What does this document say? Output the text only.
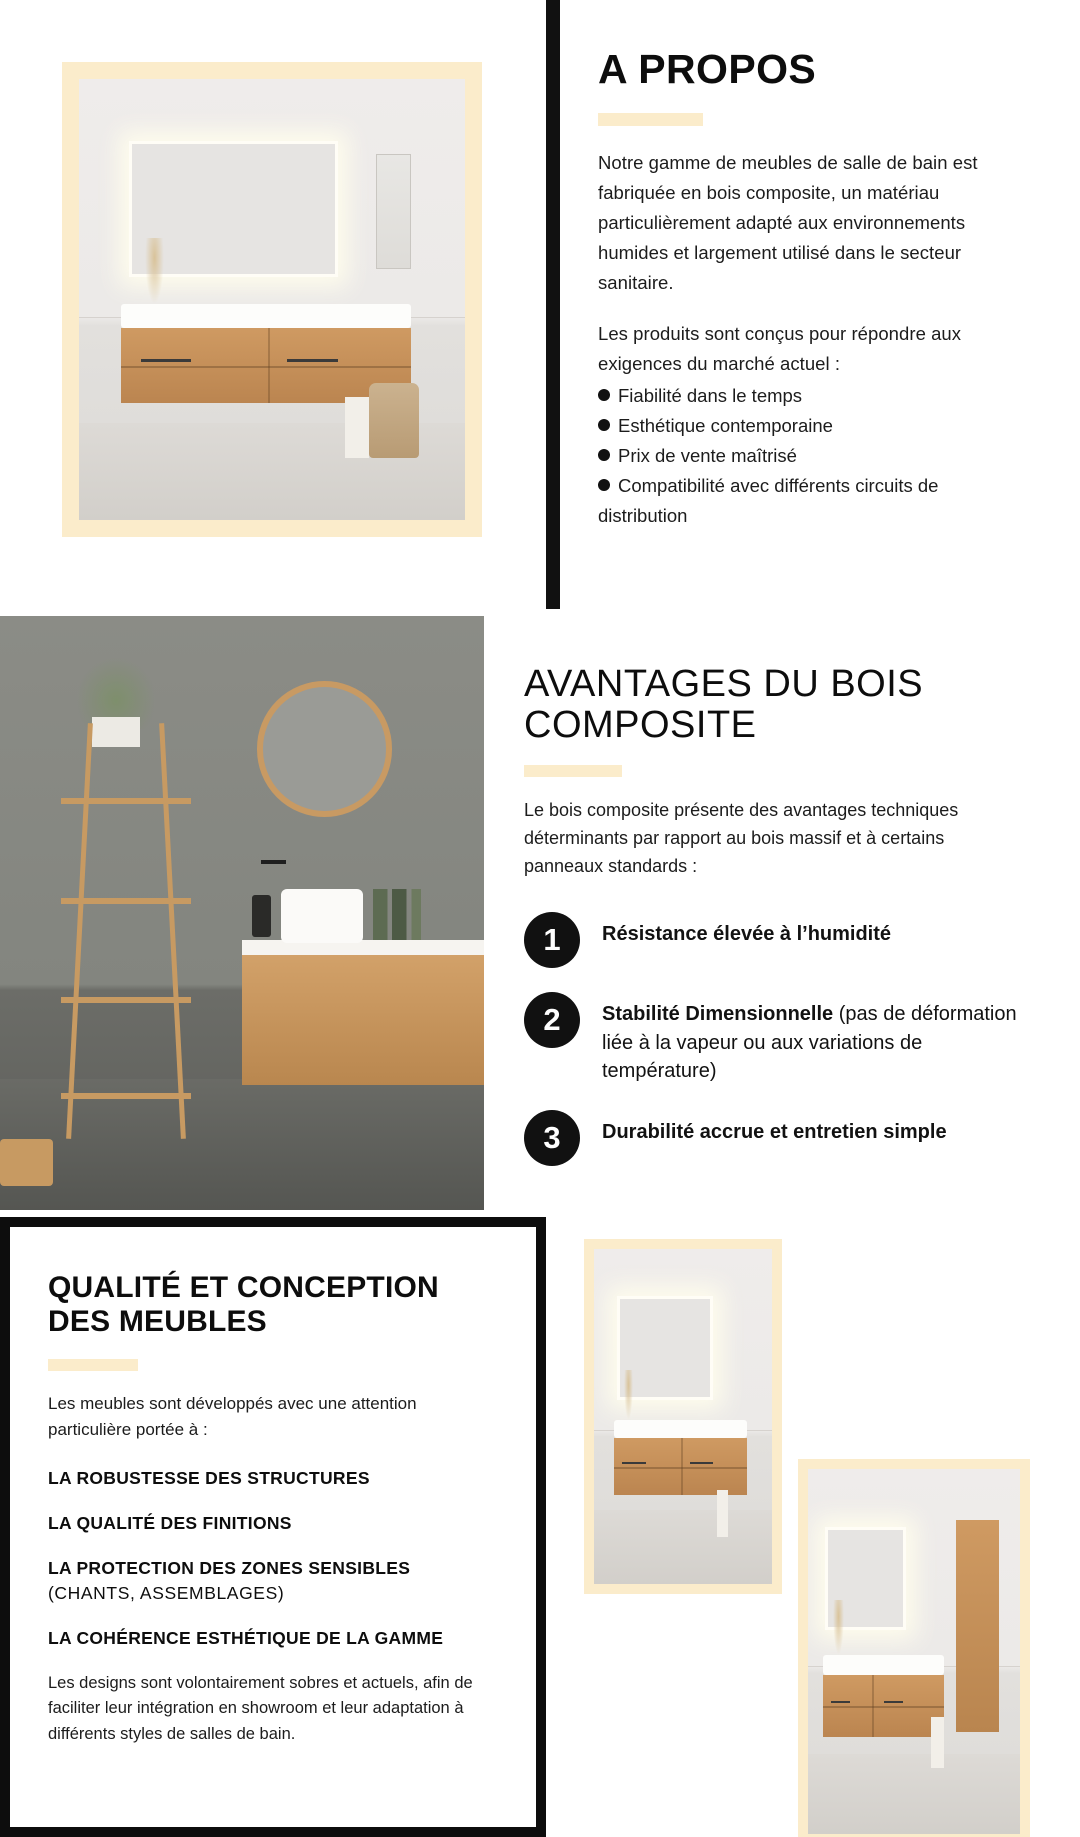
A PROPOS

Notre gamme de meubles de salle de bain est fabriquée en bois composite, un matériau particulièrement adapté aux environnements humides et largement utilisé dans le secteur sanitaire.

Les produits sont conçus pour répondre aux exigences du marché actuel :

Fiabilité dans le temps
Esthétique contemporaine
Prix de vente maîtrisé
Compatibilité avec différents circuits de distribution
AVANTAGES DU BOIS COMPOSITE

Le bois composite présente des avantages techniques déterminants par rapport au bois massif et à certains panneaux standards :

1	Résistance élevée à l’humidité
2	Stabilité Dimensionnelle (pas de déformation liée à la vapeur ou aux variations de température)
3	Durabilité accrue et entretien simple
QUALITÉ ET CONCEPTION DES MEUBLES

Les meubles sont développés avec une attention particulière portée à :

LA ROBUSTESSE DES STRUCTURES
LA QUALITÉ DES FINITIONS
LA PROTECTION DES ZONES SENSIBLES (CHANTS, ASSEMBLAGES)
LA COHÉRENCE ESTHÉTIQUE DE LA GAMME

Les designs sont volontairement sobres et actuels, afin de faciliter leur intégration en showroom et leur adaptation à différents styles de salles de bain.
